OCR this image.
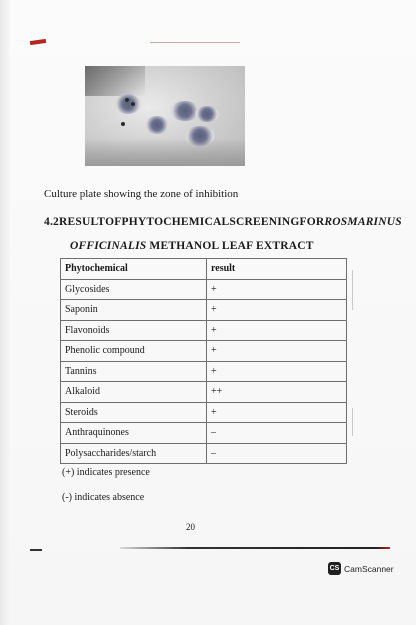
Culture plate showing the zone of inhibition
4.2 RESULT OF PHYTOCHEMICAL SCREENING FOR ROSMARINUS
OFFICINALIS METHANOL LEAF EXTRACT
Phytochemical	result
Glycosides	+
Saponin	+
Flavonoids	+
Phenolic compound	+
Tannins	+
Alkaloid	++
Steroids	+
Anthraquinones	–
Polysaccharides/starch	–
(+) indicates presence
(-) indicates absence
20
CS CamScanner
